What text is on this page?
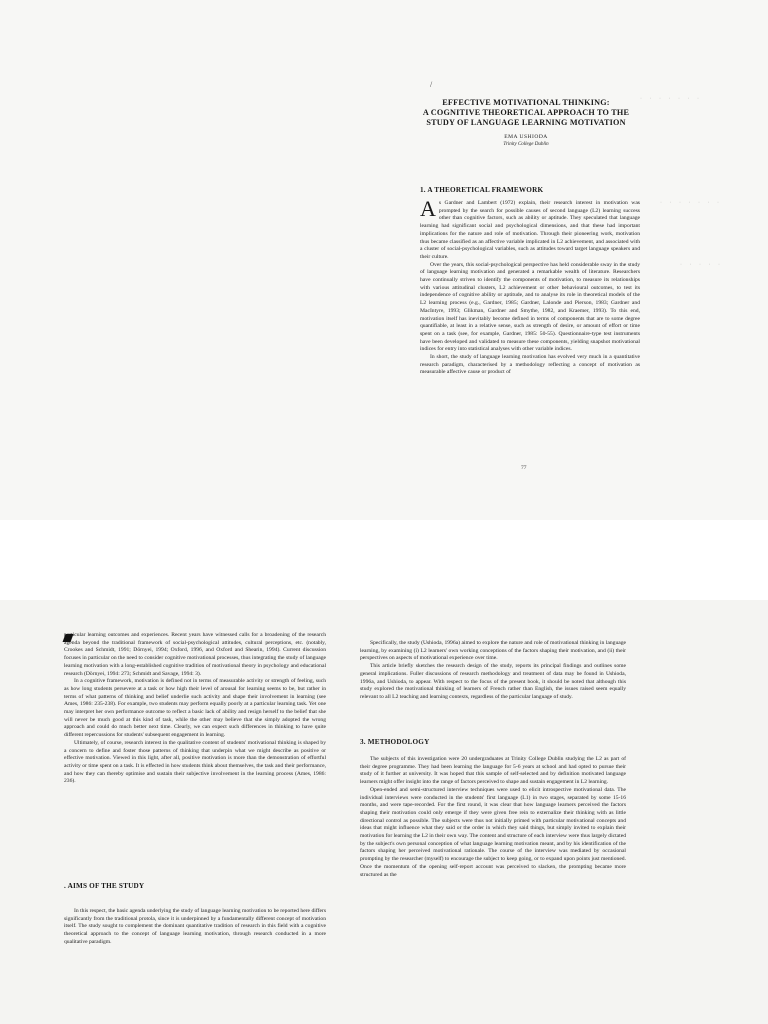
/
· · · · · · ·
· · · · · · ·
· · · · ·
EFFECTIVE MOTIVATIONAL THINKING:
A COGNITIVE THEORETICAL APPROACH TO THE
STUDY OF LANGUAGE LEARNING MOTIVATION
EMA USHIODA
Trinity College Dublin
1. A THEORETICAL FRAMEWORK

As Gardner and Lambert (1972) explain, their research interest in motivation was prompted by the search for possible causes of second language (L2) learning success other than cognitive factors, such as ability or aptitude. They speculated that language learning had significant social and psychological dimensions, and that these had important implications for the nature and role of motivation. Through their pioneering work, motivation thus became classified as an affective variable implicated in L2 achievement, and associated with a cluster of social-psychological variables, such as attitudes toward target language speakers and their culture.

Over the years, this social-psychological perspective has held considerable sway in the study of language learning motivation and generated a remarkable wealth of literature. Researchers have continually striven to identify the components of motivation, to measure its relationships with various attitudinal clusters, L2 achievement or other behavioural outcomes, to test its independence of cognitive ability or aptitude, and to analyse its role in theoretical models of the L2 learning process (e.g., Gardner, 1985; Gardner, Lalonde and Pierson, 1983; Gardner and MacIntyre, 1993; Glikman, Gardner and Smythe, 1982, and Kraemer, 1993). To this end, motivation itself has inevitably become defined in terms of components that are to some degree quantifiable, at least in a relative sense, such as strength of desire, or amount of effort or time spent on a task (see, for example, Gardner, 1985: 50-55). Questionnaire-type test instruments have been developed and validated to measure these components, yielding snapshot motivational indices for entry into statistical analyses with other variable indices.

In short, the study of language learning motivation has evolved very much in a quantitative research paradigm, characterised by a methodology reflecting a concept of motivation as measurable affective cause or product of

77

particular learning outcomes and experiences. Recent years have witnessed calls for a broadening of the research agenda beyond the traditional framework of social-psychological attitudes, cultural perceptions, etc. (notably, Crookes and Schmidt, 1991; Dörnyei, 1994; Oxford, 1996, and Oxford and Shearin, 1994). Current discussion focuses in particular on the need to consider cognitive motivational processes, thus integrating the study of language learning motivation with a long-established cognitive tradition of motivational theory in psychology and educational research (Dörnyei, 1994: 273; Schmidt and Savage, 1994: 3).

In a cognitive framework, motivation is defined not in terms of measurable activity or strength of feeling, such as how long students persevere at a task or how high their level of arousal for learning seems to be, but rather in terms of what patterns of thinking and belief underlie such activity and shape their involvement in learning (see Ames, 1986: 235-238). For example, two students may perform equally poorly at a particular learning task. Yet one may interpret her own performance outcome to reflect a basic lack of ability and resign herself to the belief that she will never be much good at this kind of task, while the other may believe that she simply adopted the wrong approach and could do much better next time. Clearly, we can expect such differences in thinking to have quite different repercussions for students' subsequent engagement in learning.

Ultimately, of course, research interest in the qualitative content of students' motivational thinking is shaped by a concern to define and foster those patterns of thinking that underpin what we might describe as positive or effective motivation. Viewed in this light, after all, positive motivation is more than the demonstration of effortful activity or time spent on a task. It is effected in how students think about themselves, the task and their performance, and how they can thereby optimise and sustain their subjective involvement in the learning process (Ames, 1986: 236).

. AIMS OF THE STUDY

In this respect, the basic agenda underlying the study of language learning motivation to be reported here differs significantly from the traditional protola, since it is underpinned by a fundamentally different concept of motivation itself. The study sought to complement the dominant quantitative tradition of research in this field with a cognitive theoretical approach to the concept of language learning motivation, through research conducted in a more qualitative paradigm.

Specifically, the study (Ushioda, 1996a) aimed to explore the nature and role of motivational thinking in language learning, by examining (i) L2 learners' own working conceptions of the factors shaping their motivation, and (ii) their perspectives on aspects of motivational experience over time.

This article briefly sketches the research design of the study, reports its principal findings and outlines some general implications. Fuller discussions of research methodology and treatment of data may be found in Ushioda, 1996a, and Ushioda, to appear. With respect to the focus of the present book, it should be noted that although this study explored the motivational thinking of learners of French rather than English, the issues raised seem equally relevant to all L2 teaching and learning contexts, regardless of the particular language of study.

3. METHODOLOGY

The subjects of this investigation were 20 undergraduates at Trinity College Dublin studying the L2 as part of their degree programme. They had been learning the language for 5-6 years at school and had opted to pursue their study of it further at university. It was hoped that this sample of self-selected and by definition motivated language learners might offer insight into the range of factors perceived to shape and sustain engagement in L2 learning.

Open-ended and semi-structured interview techniques were used to elicit introspective motivational data. The individual interviews were conducted in the students' first language (L1) in two stages, separated by some 15-16 months, and were tape-recorded. For the first round, it was clear that how language learners perceived the factors shaping their motivation could only emerge if they were given free rein to externalize their thinking with as little directional control as possible. The subjects were thus not initially primed with particular motivational concepts and ideas that might influence what they said or the order in which they said things, but simply invited to explain their motivation for learning the L2 in their own way. The content and structure of each interview were thus largely dictated by the subject's own personal conception of what language learning motivation meant, and by his identification of the factors shaping her perceived motivational rationale. The course of the interview was mediated by occasional prompting by the researcher (myself) to encourage the subject to keep going, or to expand upon points just mentioned. Once the momentum of the opening self-report account was perceived to slacken, the prompting became more structured as the
